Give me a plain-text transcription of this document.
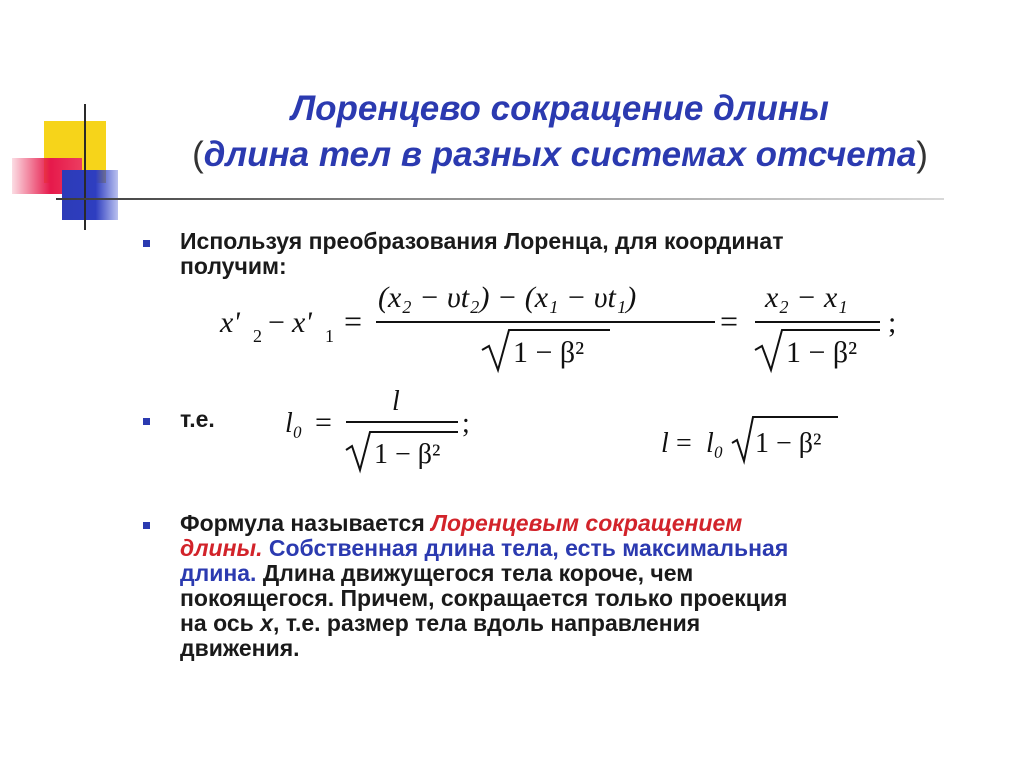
Лоренцево сокращение длины
(длина тел в разных системах отсчета)
Используя преобразования Лоренца, для координат
получим:
x' 2 − x' 1 =
(x₂ − υt₂) − (x₁ − υt₁)
1 − β²
=
x₂ − x₁
1 − β²
;
т.е.	l₀ =
l
1 − β²
;
l = l₀ 1 − β²
Формула называется Лоренцевым сокращением
длины. Собственная длина тела, есть максимальная
длина. Длина движущегося тела короче, чем
покоящегося. Причем, сокращается только проекция
на ось x, т.е. размер тела вдоль направления
движения.
